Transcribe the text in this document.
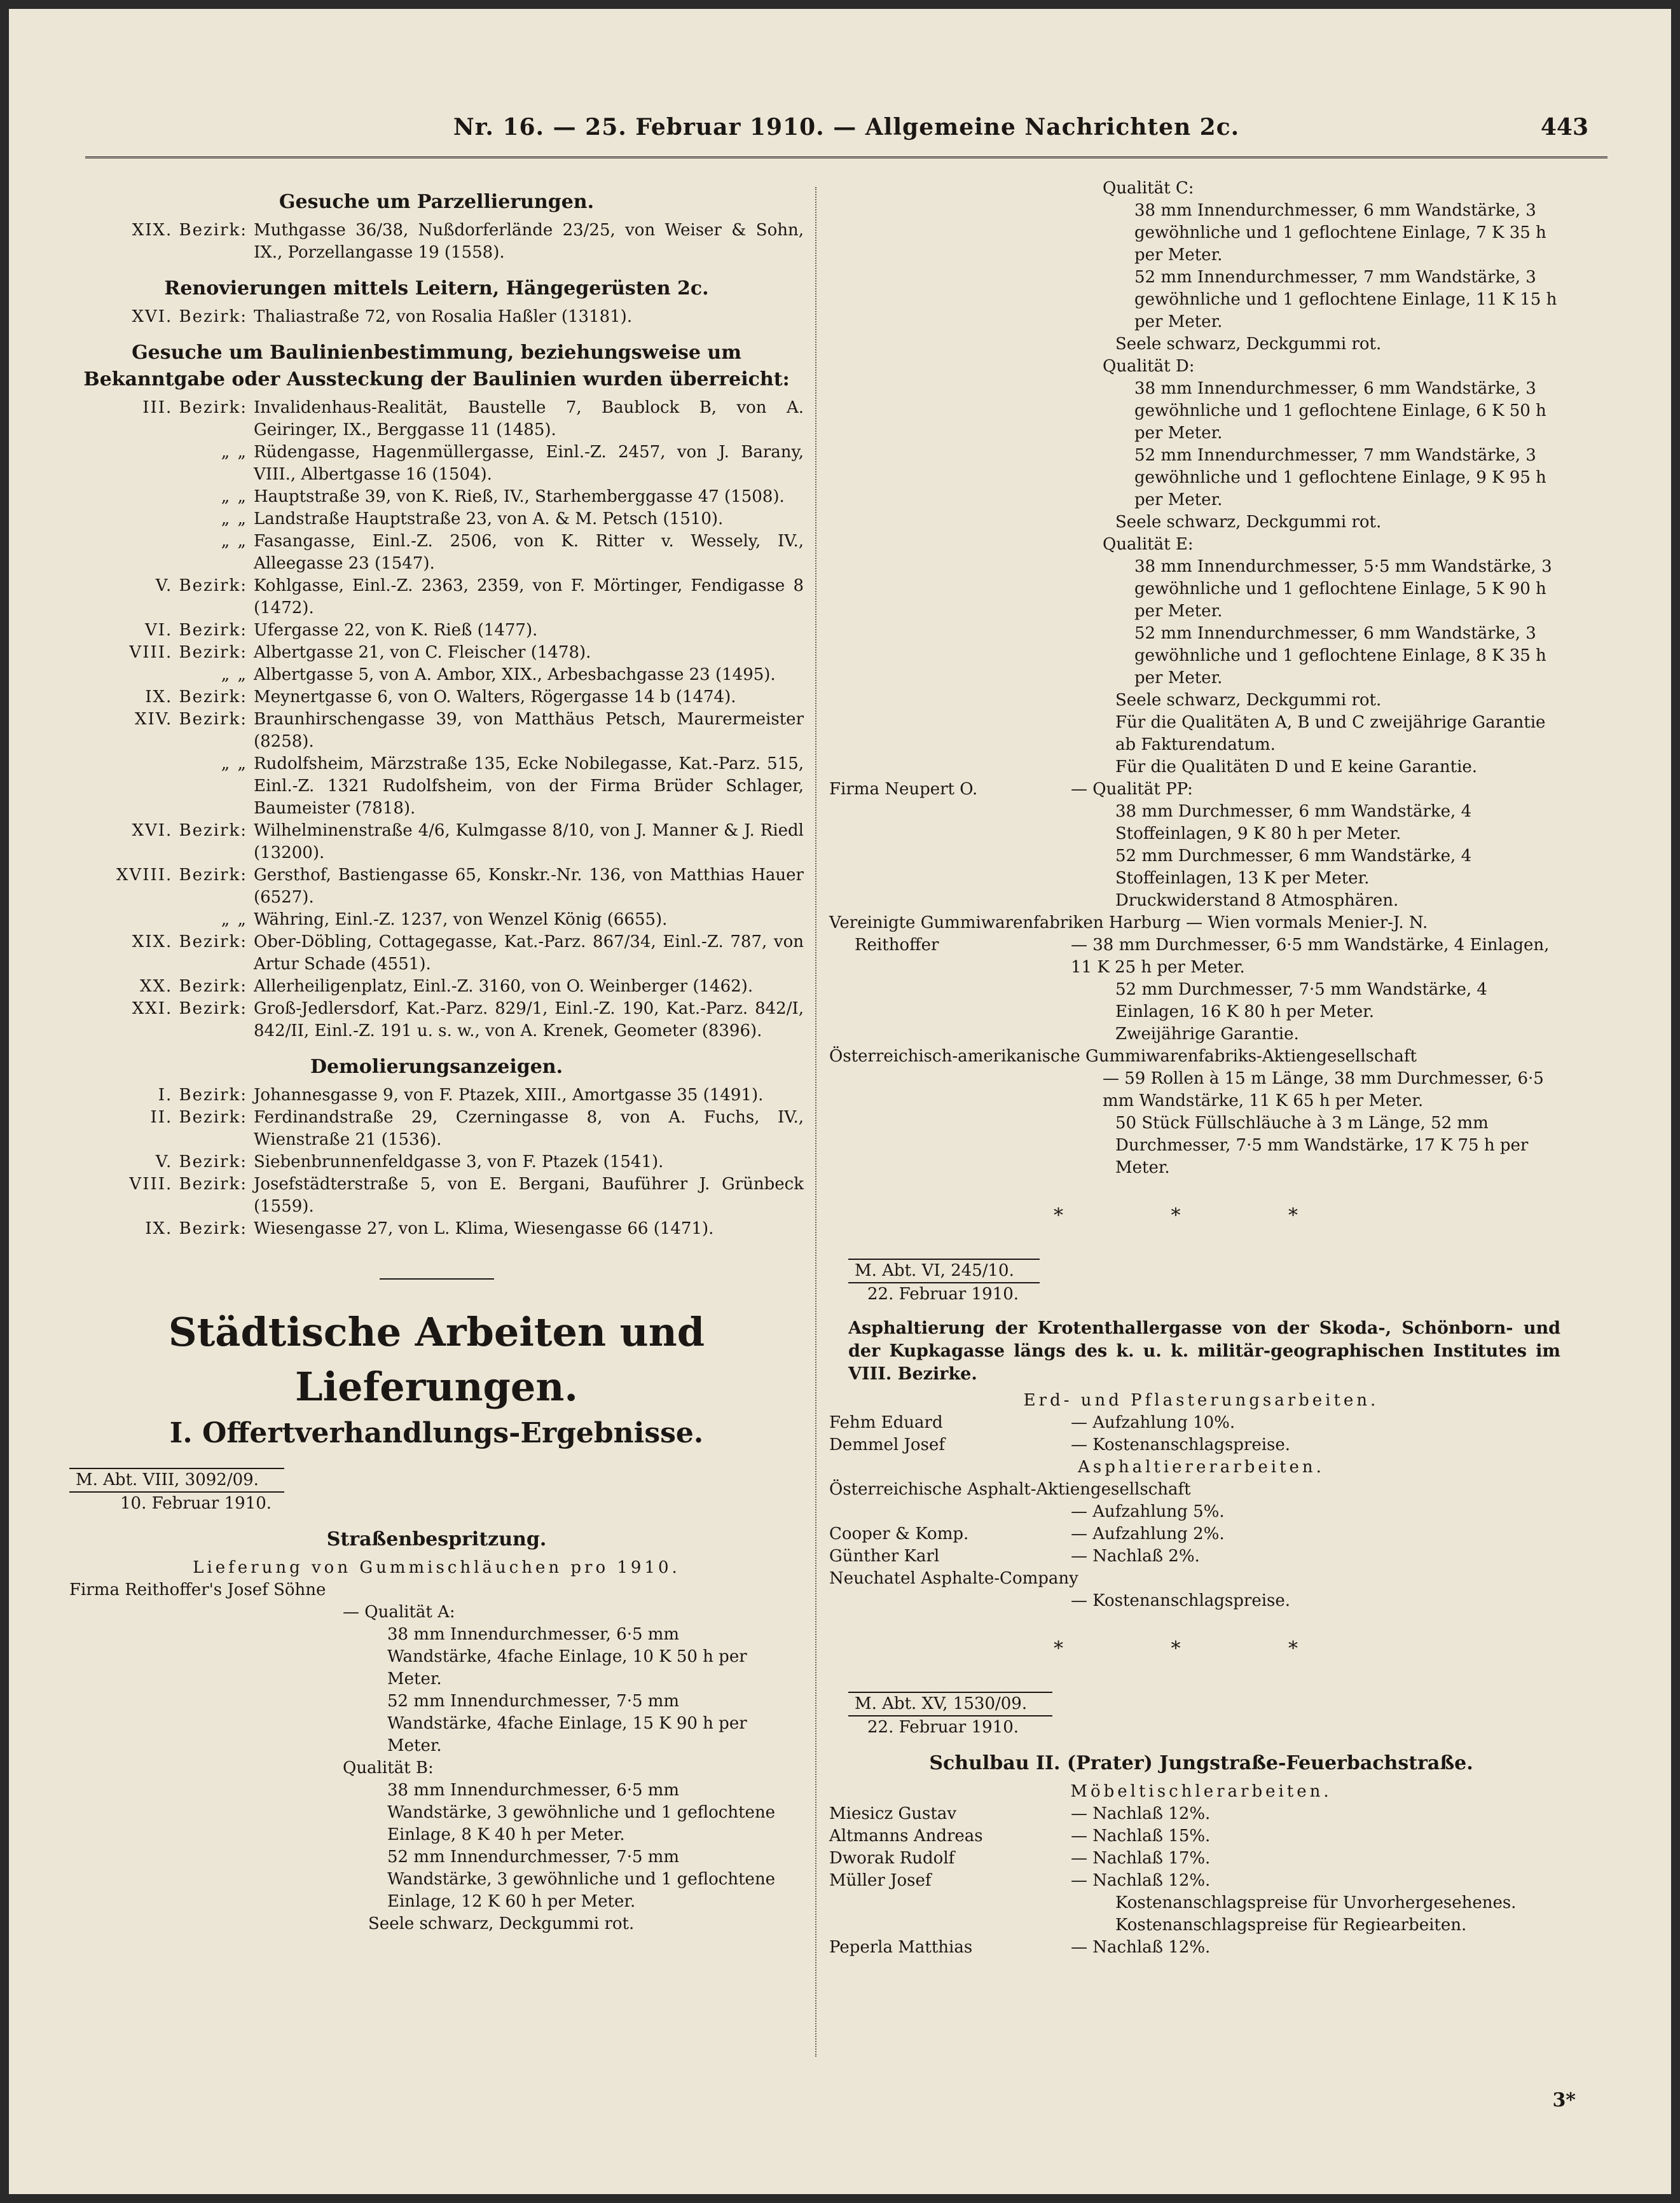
Nr. 16. — 25. Februar 1910. — Allgemeine Nachrichten 2c.	443
Gesuche um Parzellierungen.
XIX. Bezirk: Muthgasse 36/38, Nußdorferlände 23/25, von Weiser & Sohn, IX., Porzellangasse 19 (1558).
Renovierungen mittels Leitern, Hängegerüsten 2c.
XVI. Bezirk: Thaliastraße 72, von Rosalia Haßler (13181).
Gesuche um Baulinienbestimmung, beziehungsweise um Bekanntgabe oder Aussteckung der Baulinien wurden überreicht:
III. Bezirk: Invalidenhaus-Realität, Baustelle 7, Baublock B, von A. Geiringer, IX., Berggasse 11 (1485).
„ „ Rüdengasse, Hagenmüllergasse, Einl.-Z. 2457, von J. Barany, VIII., Albertgasse 16 (1504).
„ „ Hauptstraße 39, von K. Rieß, IV., Starhemberggasse 47 (1508).
„ „ Landstraße Hauptstraße 23, von A. & M. Petsch (1510).
„ „ Fasangasse, Einl.-Z. 2506, von K. Ritter v. Wessely, IV., Alleegasse 23 (1547).
V. Bezirk: Kohlgasse, Einl.-Z. 2363, 2359, von F. Mörtinger, Fendigasse 8 (1472).
VI. Bezirk: Ufergasse 22, von K. Rieß (1477).
VIII. Bezirk: Albertgasse 21, von C. Fleischer (1478).
„ „ Albertgasse 5, von A. Ambor, XIX., Arbesbachgasse 23 (1495).
IX. Bezirk: Meynertgasse 6, von O. Walters, Rögergasse 14 b (1474).
XIV. Bezirk: Braunhirschengasse 39, von Matthäus Petsch, Maurermeister (8258).
„ „ Rudolfsheim, Märzstraße 135, Ecke Nobilegasse, Kat.-Parz. 515, Einl.-Z. 1321 Rudolfsheim, von der Firma Brüder Schlager, Baumeister (7818).
XVI. Bezirk: Wilhelminenstraße 4/6, Kulmgasse 8/10, von J. Manner & J. Riedl (13200).
XVIII. Bezirk: Gersthof, Bastiengasse 65, Konskr.-Nr. 136, von Matthias Hauer (6527).
„ „ Währing, Einl.-Z. 1237, von Wenzel König (6655).
XIX. Bezirk: Ober-Döbling, Cottagegasse, Kat.-Parz. 867/34, Einl.-Z. 787, von Artur Schade (4551).
XX. Bezirk: Allerheiligenplatz, Einl.-Z. 3160, von O. Weinberger (1462).
XXI. Bezirk: Groß-Jedlersdorf, Kat.-Parz. 829/1, Einl.-Z. 190, Kat.-Parz. 842/I, 842/II, Einl.-Z. 191 u. s. w., von A. Krenek, Geometer (8396).
Demolierungsanzeigen.
I. Bezirk: Johannesgasse 9, von F. Ptazek, XIII., Amortgasse 35 (1491).
II. Bezirk: Ferdinandstraße 29, Czerningasse 8, von A. Fuchs, IV., Wienstraße 21 (1536).
V. Bezirk: Siebenbrunnenfeldgasse 3, von F. Ptazek (1541).
VIII. Bezirk: Josefstädterstraße 5, von E. Bergani, Bauführer J. Grünbeck (1559).
IX. Bezirk: Wiesengasse 27, von L. Klima, Wiesengasse 66 (1471).
Städtische Arbeiten und Lieferungen.
I. Offertverhandlungs-Ergebnisse.
M. Abt. VIII, 3092/09.
10. Februar 1910.
Straßenbespritzung.
Lieferung von Gummischläuchen pro 1910.
Firma Reithoffer's Josef Söhne
— Qualität A:
38 mm Innendurchmesser, 6·5 mm Wandstärke, 4fache Einlage, 10 K 50 h per Meter.
52 mm Innendurchmesser, 7·5 mm Wandstärke, 4fache Einlage, 15 K 90 h per Meter.
Qualität B:
38 mm Innendurchmesser, 6·5 mm Wandstärke, 3 gewöhnliche und 1 geflochtene Einlage, 8 K 40 h per Meter.
52 mm Innendurchmesser, 7·5 mm Wandstärke, 3 gewöhnliche und 1 geflochtene Einlage, 12 K 60 h per Meter.
Seele schwarz, Deckgummi rot.
Qualität C:
38 mm Innendurchmesser, 6 mm Wandstärke, 3 gewöhnliche und 1 geflochtene Einlage, 7 K 35 h per Meter.
52 mm Innendurchmesser, 7 mm Wandstärke, 3 gewöhnliche und 1 geflochtene Einlage, 11 K 15 h per Meter.
Seele schwarz, Deckgummi rot.
Qualität D:
38 mm Innendurchmesser, 6 mm Wandstärke, 3 gewöhnliche und 1 geflochtene Einlage, 6 K 50 h per Meter.
52 mm Innendurchmesser, 7 mm Wandstärke, 3 gewöhnliche und 1 geflochtene Einlage, 9 K 95 h per Meter.
Seele schwarz, Deckgummi rot.
Qualität E:
38 mm Innendurchmesser, 5·5 mm Wandstärke, 3 gewöhnliche und 1 geflochtene Einlage, 5 K 90 h per Meter.
52 mm Innendurchmesser, 6 mm Wandstärke, 3 gewöhnliche und 1 geflochtene Einlage, 8 K 35 h per Meter.
Seele schwarz, Deckgummi rot.
Für die Qualitäten A, B und C zweijährige Garantie ab Fakturendatum.
Für die Qualitäten D und E keine Garantie.
Firma Neupert O.	— Qualität PP:
38 mm Durchmesser, 6 mm Wandstärke, 4 Stoffeinlagen, 9 K 80 h per Meter.
52 mm Durchmesser, 6 mm Wandstärke, 4 Stoffeinlagen, 13 K per Meter.
Druckwiderstand 8 Atmosphären.
Vereinigte Gummiwarenfabriken Harburg — Wien vormals Menier-J. N.
Reithoffer	— 38 mm Durchmesser, 6·5 mm Wandstärke, 4 Einlagen, 11 K 25 h per Meter.
52 mm Durchmesser, 7·5 mm Wandstärke, 4 Einlagen, 16 K 80 h per Meter.
Zweijährige Garantie.
Österreichisch-amerikanische Gummiwarenfabriks-Aktiengesellschaft
— 59 Rollen à 15 m Länge, 38 mm Durchmesser, 6·5 mm Wandstärke, 11 K 65 h per Meter.
50 Stück Füllschläuche à 3 m Länge, 52 mm Durchmesser, 7·5 mm Wandstärke, 17 K 75 h per Meter.
* * *
M. Abt. VI, 245/10.
22. Februar 1910.
Asphaltierung der Krotenthallergasse von der Skoda-, Schönborn- und der Kupkagasse längs des k. u. k. militär-geographischen Institutes im VIII. Bezirke.
Erd- und Pflasterungsarbeiten.
Fehm Eduard	— Aufzahlung 10%.
Demmel Josef	— Kostenanschlagspreise.
Asphaltiererarbeiten.
Österreichische Asphalt-Aktiengesellschaft
— Aufzahlung 5%.
Cooper & Komp.	— Aufzahlung 2%.
Günther Karl	— Nachlaß 2%.
Neuchatel Asphalte-Company
— Kostenanschlagspreise.
* * *
M. Abt. XV, 1530/09.
22. Februar 1910.
Schulbau II. (Prater) Jungstraße-Feuerbachstraße.
Möbeltischlerarbeiten.
Miesicz Gustav	— Nachlaß 12%.
Altmanns Andreas	— Nachlaß 15%.
Dworak Rudolf	— Nachlaß 17%.
Müller Josef	— Nachlaß 12%.
Kostenanschlagspreise für Unvorhergesehenes.
Kostenanschlagspreise für Regiearbeiten.
Peperla Matthias	— Nachlaß 12%.
3*
